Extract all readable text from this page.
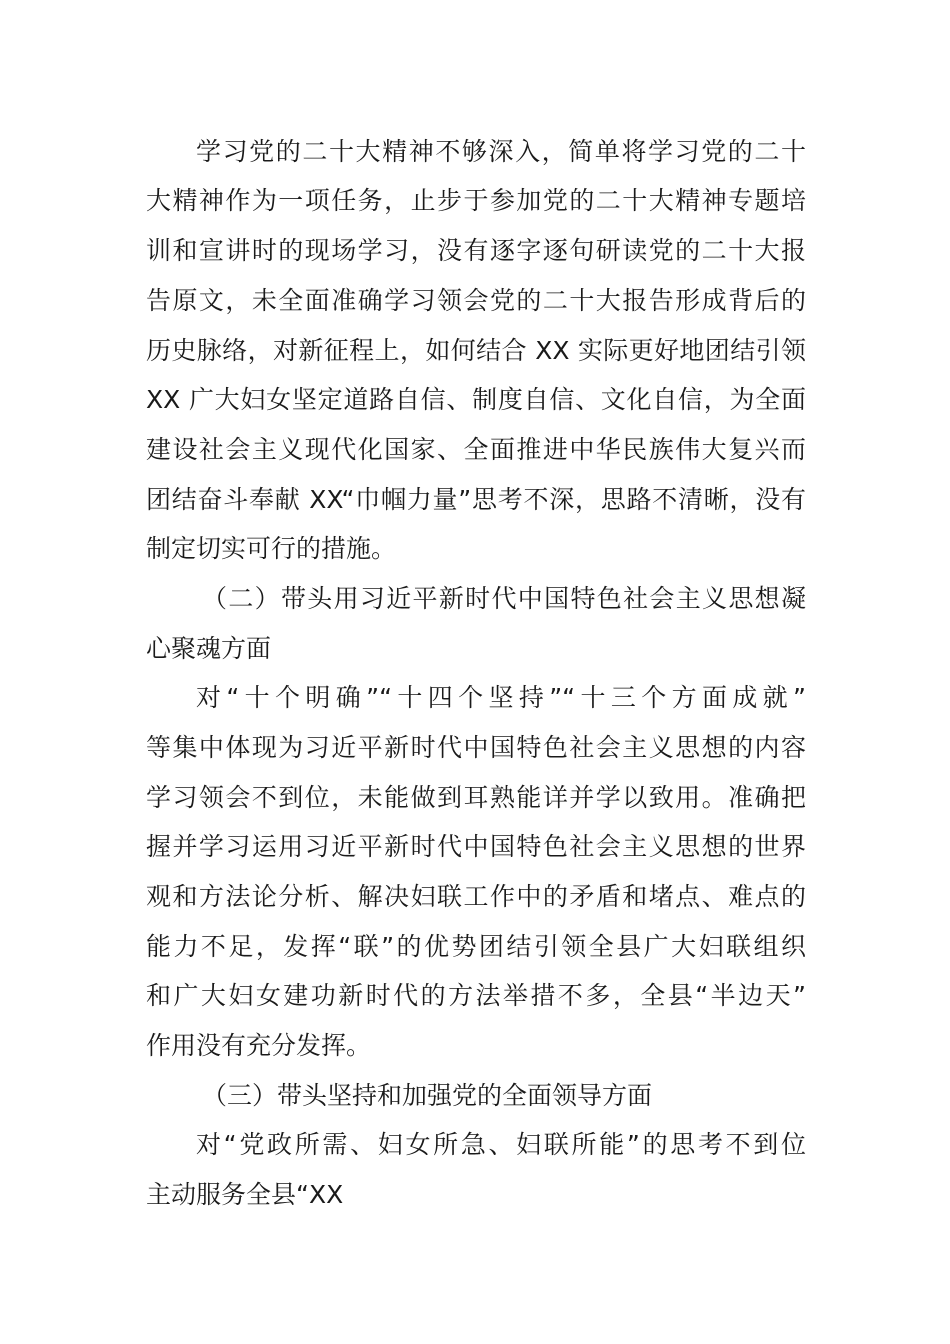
学习党的二十大精神不够深入，简单将学习党的二十
大精神作为一项任务，止步于参加党的二十大精神专题培
训和宣讲时的现场学习，没有逐字逐句研读党的二十大报
告原文，未全面准确学习领会党的二十大报告形成背后的
历史脉络，对新征程上，如何结合 XX 实际更好地团结引领
XX 广大妇女坚定道路自信、制度自信、文化自信，为全面
建设社会主义现代化国家、全面推进中华民族伟大复兴而
团结奋斗奉献 XX“巾帼力量”思考不深，思路不清晰，没有
制定切实可行的措施。
（二）带头用习近平新时代中国特色社会主义思想凝
心聚魂方面
对“十个明确”“十四个坚持”“十三个方面成就”
等集中体现为习近平新时代中国特色社会主义思想的内容
学习领会不到位，未能做到耳熟能详并学以致用。准确把
握并学习运用习近平新时代中国特色社会主义思想的世界
观和方法论分析、解决妇联工作中的矛盾和堵点、难点的
能力不足，发挥“联”的优势团结引领全县广大妇联组织
和广大妇女建功新时代的方法举措不多，全县“半边天”
作用没有充分发挥。
（三）带头坚持和加强党的全面领导方面
对“党政所需、妇女所急、妇联所能”的思考不到位
主动服务全县“XX
